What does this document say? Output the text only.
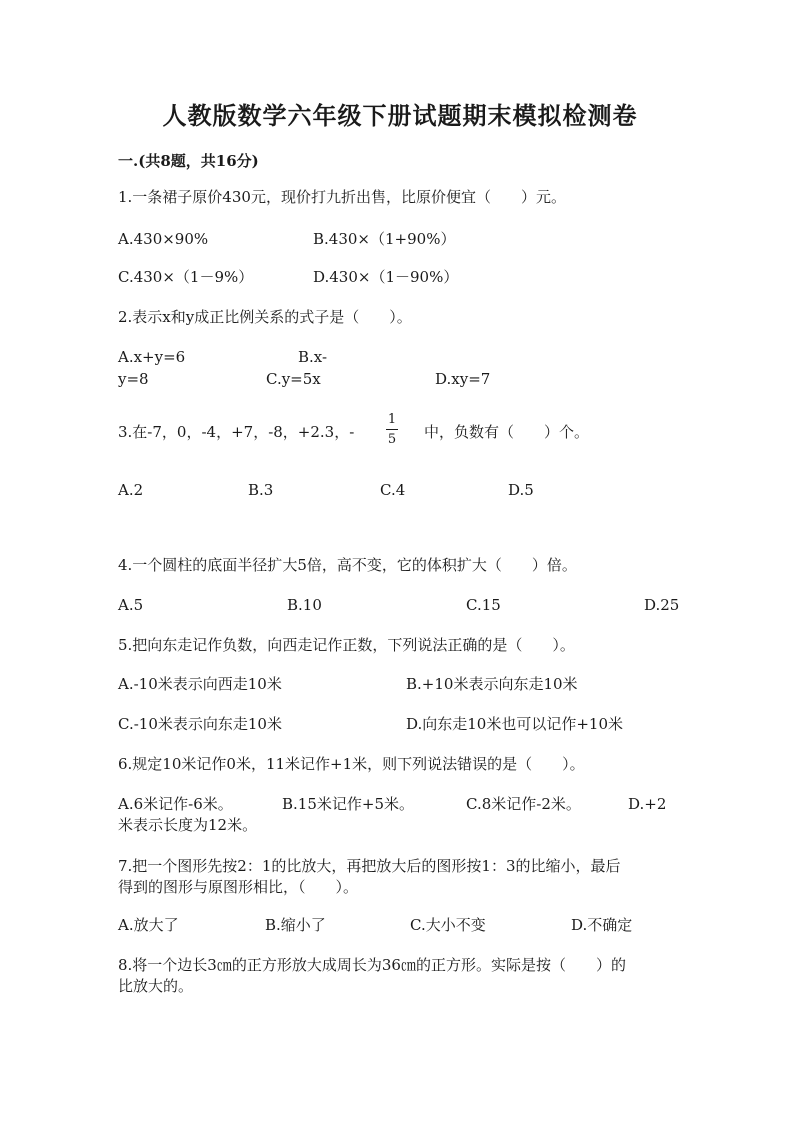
人教版数学六年级下册试题期末模拟检测卷
一.(共8题，共16分)
1.一条裙子原价430元，现价打九折出售，比原价便宜（　　）元。
A.430×90%	B.430×（1+90%）
C.430×（1－9%）	D.430×（1－90%）
2.表示x和y成正比例关系的式子是（　　）。
A.x+y=6	B.x-
y=8	C.y=5x	D.xy=7
3.在-7，0，-4，+7，-8，+2.3，-
1
5 中，负数有（　　）个。
A.2	B.3	C.4	D.5
4.一个圆柱的底面半径扩大5倍，高不变，它的体积扩大（　　）倍。
A.5	B.10	C.15	D.25
5.把向东走记作负数，向西走记作正数，下列说法正确的是（　　）。
A.-10米表示向西走10米	B.+10米表示向东走10米
C.-10米表示向东走10米	D.向东走10米也可以记作+10米
6.规定10米记作0米，11米记作+1米，则下列说法错误的是（　　）。
A.6米记作-6米。	B.15米记作+5米。	C.8米记作-2米。	D.+2
米表示长度为12米。
7.把一个图形先按2：1的比放大，再把放大后的图形按1：3的比缩小，最后
得到的图形与原图形相比，（　　）。
A.放大了	B.缩小了	C.大小不变	D.不确定
8.将一个边长3㎝的正方形放大成周长为36㎝的正方形。实际是按（　　）的
比放大的。
